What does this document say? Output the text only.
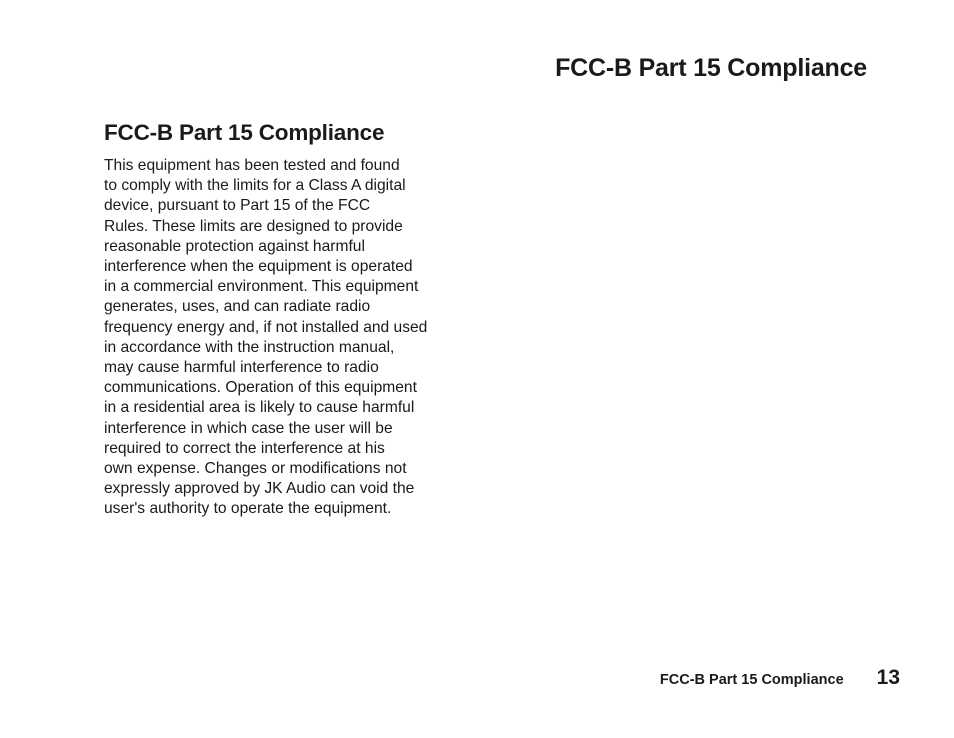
FCC-B Part 15 Compliance
FCC-B Part 15 Compliance

This equipment has been tested and found
to comply with the limits for a Class A digital
device, pursuant to Part 15 of the FCC
Rules. These limits are designed to provide
reasonable protection against harmful
interference when the equipment is operated
in a commercial environment. This equipment
generates, uses, and can radiate radio
frequency energy and, if not installed and used
in accordance with the instruction manual,
may cause harmful interference to radio
communications. Operation of this equipment
in a residential area is likely to cause harmful
interference in which case the user will be
required to correct the interference at his
own expense. Changes or modifications not
expressly approved by JK Audio can void the
user's authority to operate the equipment.

FCC-B Part 15 Compliance 13
